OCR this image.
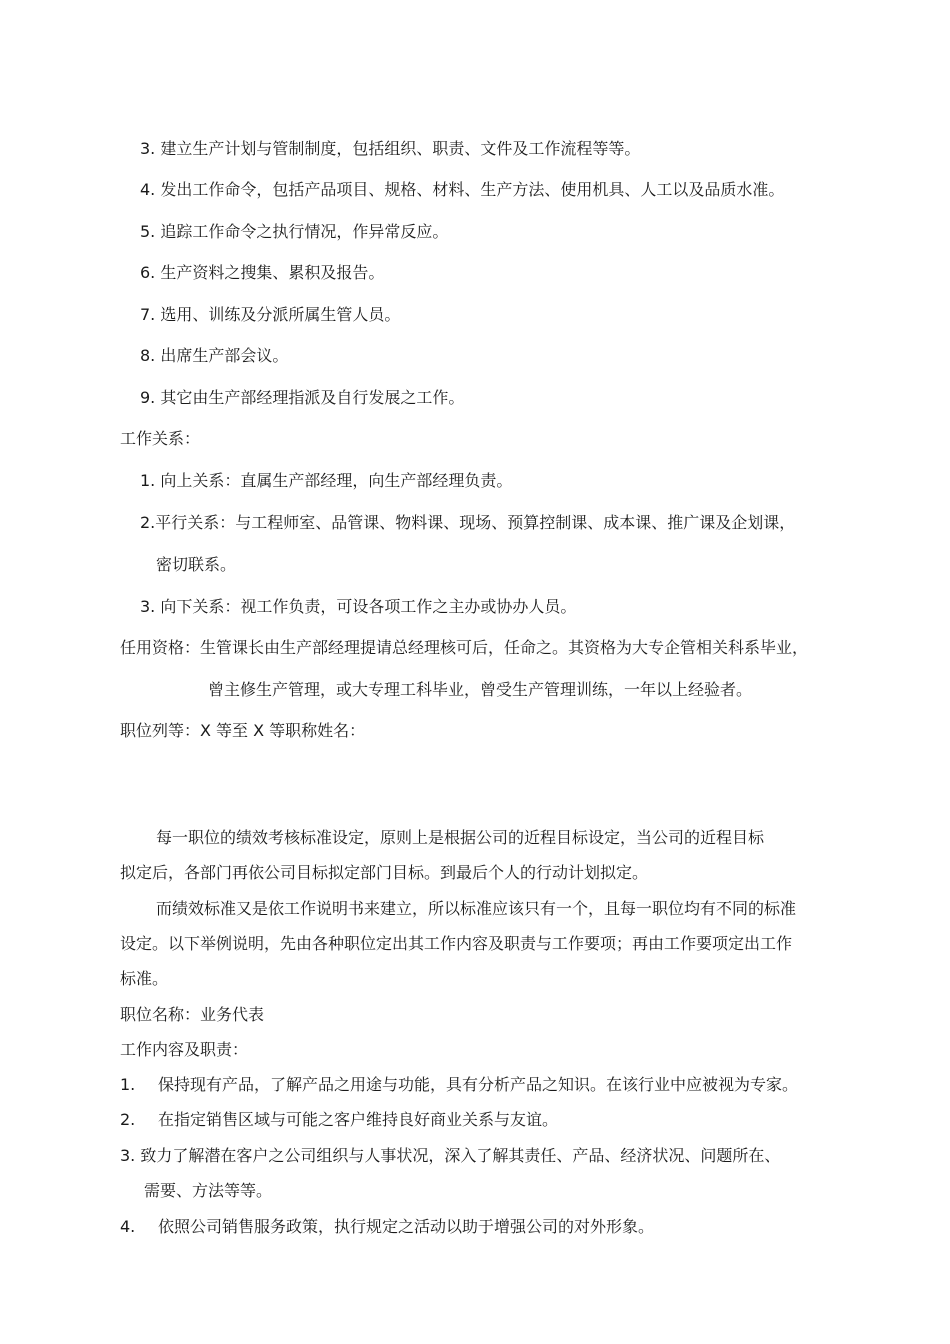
3. 建立生产计划与管制制度，包括组织、职责、文件及工作流程等等。
4. 发出工作命令，包括产品项目、规格、材料、生产方法、使用机具、人工以及品质水准。
5. 追踪工作命令之执行情况，作异常反应。
6. 生产资料之搜集、累积及报告。
7. 选用、训练及分派所属生管人员。
8. 出席生产部会议。
9. 其它由生产部经理指派及自行发展之工作。
工作关系：
1. 向上关系：直属生产部经理，向生产部经理负责。
2.平行关系：与工程师室、品管课、物料课、现场、预算控制课、成本课、推广课及企划课，
密切联系。
3. 向下关系：视工作负责，可设各项工作之主办或协办人员。
任用资格：生管课长由生产部经理提请总经理核可后，任命之。其资格为大专企管相关科系毕业，
曾主修生产管理，或大专理工科毕业，曾受生产管理训练，一年以上经验者。
职位列等：X 等至 X 等职称姓名：
每一职位的绩效考核标准设定，原则上是根据公司的近程目标设定，当公司的近程目标
拟定后，各部门再依公司目标拟定部门目标。到最后个人的行动计划拟定。
而绩效标准又是依工作说明书来建立，所以标准应该只有一个，且每一职位均有不同的标准
设定。以下举例说明，先由各种职位定出其工作内容及职责与工作要项；再由工作要项定出工作
标准。
职位名称：业务代表
工作内容及职责：
1. 保持现有产品，了解产品之用途与功能，具有分析产品之知识。在该行业中应被视为专家。
2. 在指定销售区域与可能之客户维持良好商业关系与友谊。
3. 致力了解潜在客户之公司组织与人事状况，深入了解其责任、产品、经济状况、问题所在、
需要、方法等等。
4. 依照公司销售服务政策，执行规定之活动以助于增强公司的对外形象。
